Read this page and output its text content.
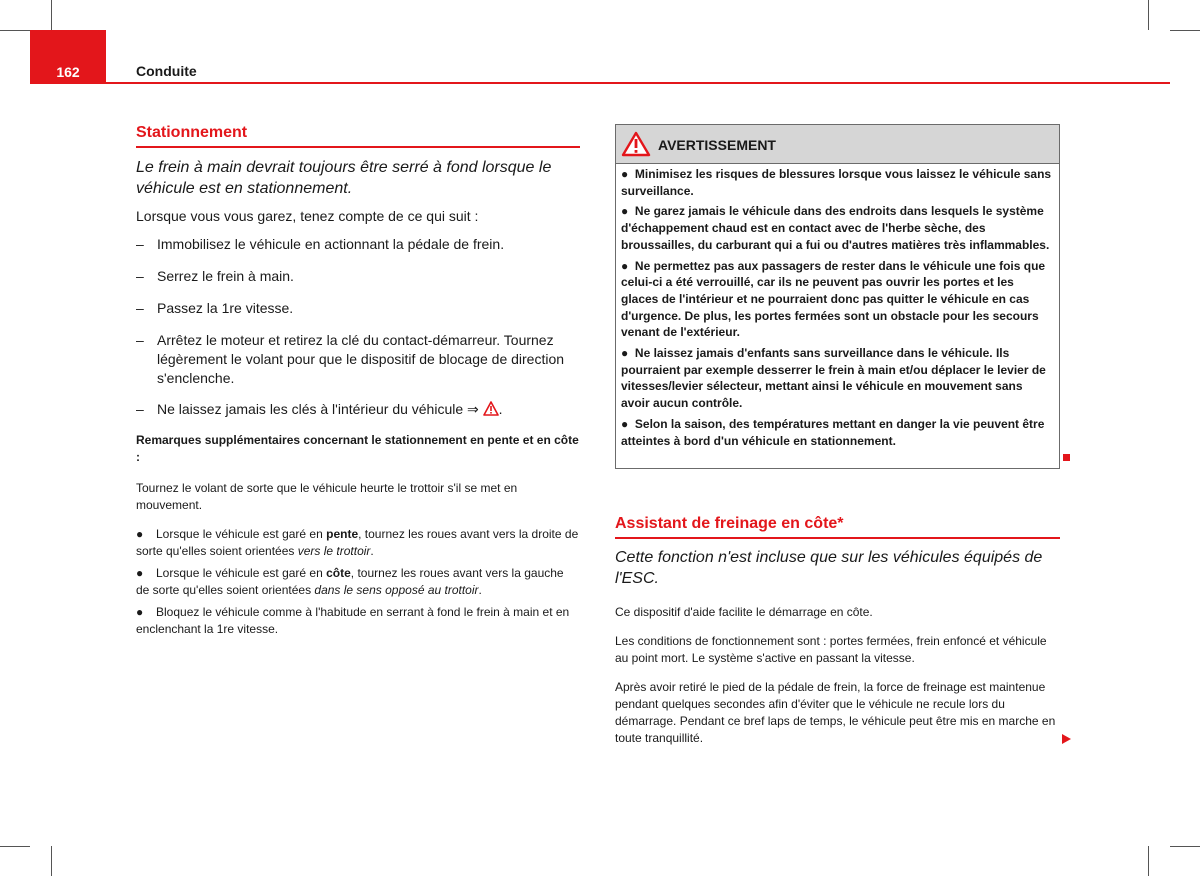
162	Conduite
Stationnement

Le frein à main devrait toujours être serré à fond lorsque le véhicule est en stationnement.

Lorsque vous vous garez, tenez compte de ce qui suit :

– Immobilisez le véhicule en actionnant la pédale de frein.
– Serrez le frein à main.
– Passez la 1re vitesse.
– Arrêtez le moteur et retirez la clé du contact-démarreur. Tournez légèrement le volant pour que le dispositif de blocage de direction s'enclenche.
– Ne laissez jamais les clés à l'intérieur du véhicule ⇒ .

Remarques supplémentaires concernant le stationnement en pente et en côte :

Tournez le volant de sorte que le véhicule heurte le trottoir s'il se met en mouvement.

● Lorsque le véhicule est garé en pente, tournez les roues avant vers la droite de sorte qu'elles soient orientées vers le trottoir.
● Lorsque le véhicule est garé en côte, tournez les roues avant vers la gauche de sorte qu'elles soient orientées dans le sens opposé au trottoir.
● Bloquez le véhicule comme à l'habitude en serrant à fond le frein à main et en enclenchant la 1re vitesse.
AVERTISSEMENT

● Minimisez les risques de blessures lorsque vous laissez le véhicule sans surveillance.

● Ne garez jamais le véhicule dans des endroits dans lesquels le système d'échappement chaud est en contact avec de l'herbe sèche, des broussailles, du carburant qui a fui ou d'autres matières très inflammables.

● Ne permettez pas aux passagers de rester dans le véhicule une fois que celui-ci a été verrouillé, car ils ne peuvent pas ouvrir les portes et les glaces de l'intérieur et ne pourraient donc pas quitter le véhicule en cas d'urgence. De plus, les portes fermées sont un obstacle pour les secours venant de l'extérieur.

● Ne laissez jamais d'enfants sans surveillance dans le véhicule. Ils pourraient par exemple desserrer le frein à main et/ou déplacer le levier de vitesses/levier sélecteur, mettant ainsi le véhicule en mouvement sans avoir aucun contrôle.

● Selon la saison, des températures mettant en danger la vie peuvent être atteintes à bord d'un véhicule en stationnement.

Assistant de freinage en côte*

Cette fonction n'est incluse que sur les véhicules équipés de l'ESC.

Ce dispositif d'aide facilite le démarrage en côte.

Les conditions de fonctionnement sont : portes fermées, frein enfoncé et véhicule au point mort. Le système s'active en passant la vitesse.

Après avoir retiré le pied de la pédale de frein, la force de freinage est maintenue pendant quelques secondes afin d'éviter que le véhicule ne recule lors du démarrage. Pendant ce bref laps de temps, le véhicule peut être mis en marche en toute tranquillité.
